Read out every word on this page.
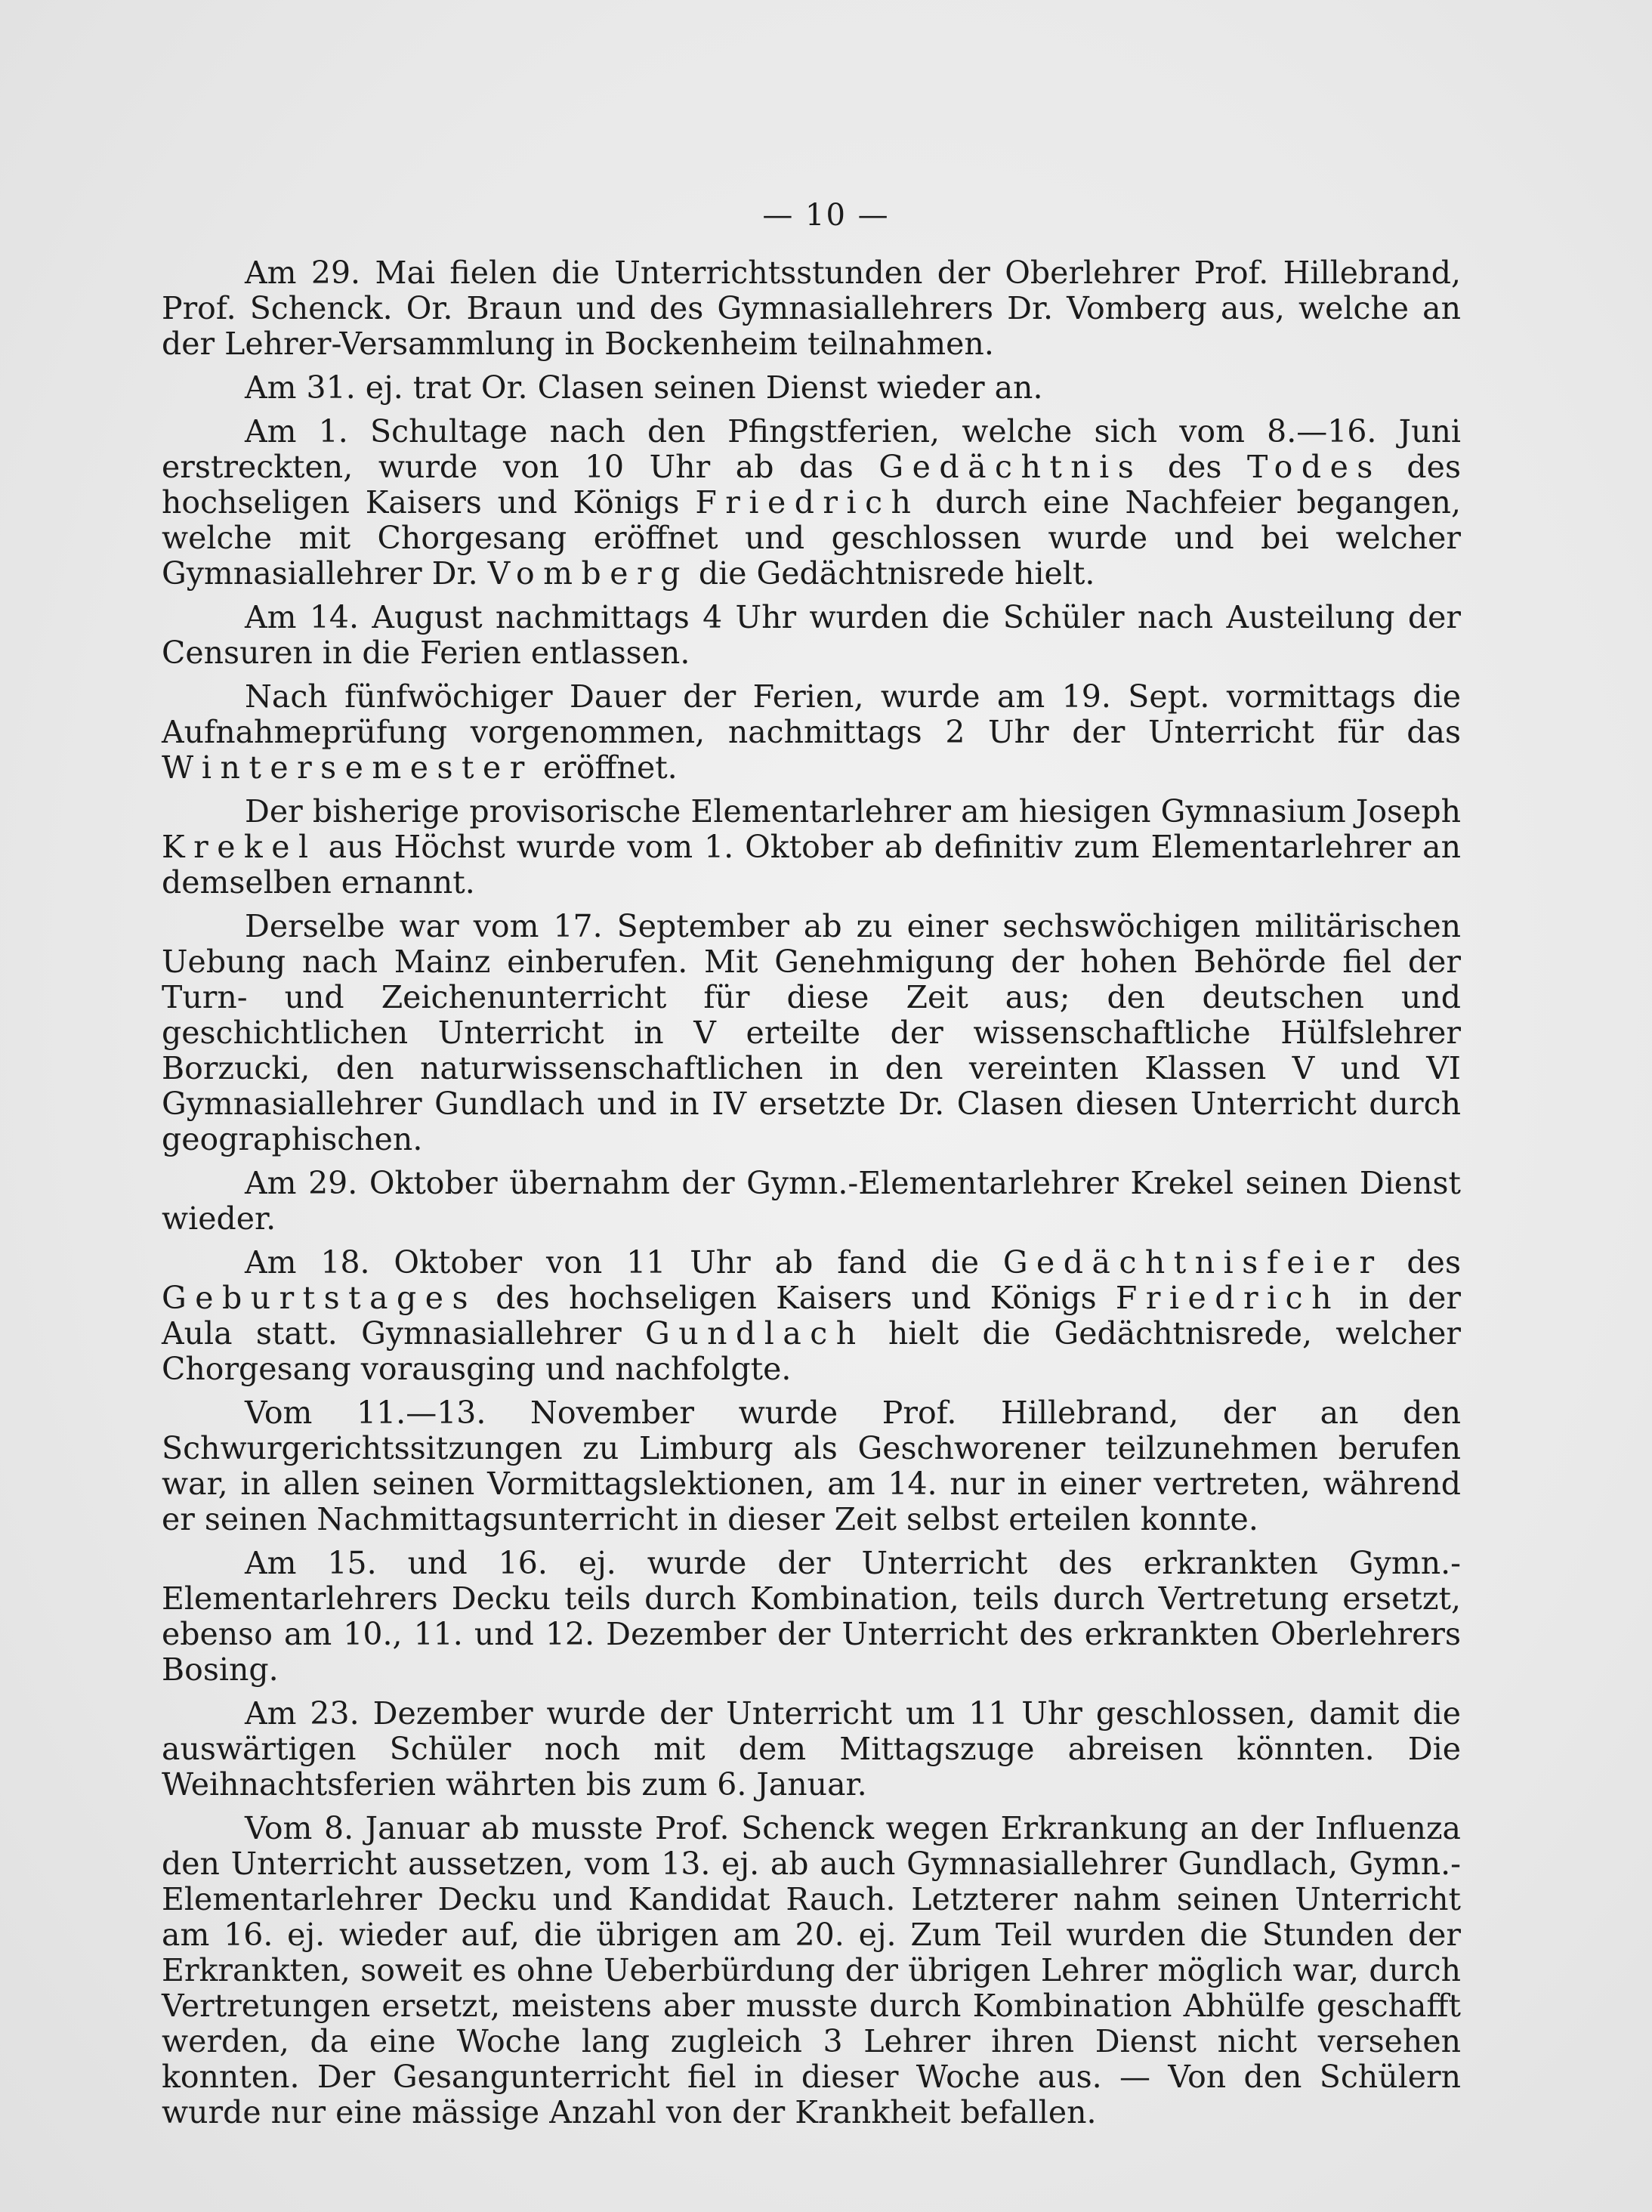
— 10 —

Am 29. Mai fielen die Unterrichtsstunden der Oberlehrer Prof. Hillebrand, Prof. Schenck. Or. Braun und des Gymnasiallehrers Dr. Vomberg aus, welche an der Lehrer-Versammlung in Bockenheim teilnahmen.

Am 31. ej. trat Or. Clasen seinen Dienst wieder an.

Am 1. Schultage nach den Pfingstferien, welche sich vom 8.—16. Juni erstreckten, wurde von 10 Uhr ab das Gedächtnis des Todes des hochseligen Kaisers und Königs Friedrich durch eine Nachfeier begangen, welche mit Chorgesang eröffnet und geschlossen wurde und bei welcher Gymnasiallehrer Dr. Vomberg die Gedächtnisrede hielt.

Am 14. August nachmittags 4 Uhr wurden die Schüler nach Austeilung der Censuren in die Ferien entlassen.

Nach fünfwöchiger Dauer der Ferien, wurde am 19. Sept. vormittags die Aufnahmeprüfung vorgenommen, nachmittags 2 Uhr der Unterricht für das Wintersemester eröffnet.

Der bisherige provisorische Elementarlehrer am hiesigen Gymnasium Joseph Krekel aus Höchst wurde vom 1. Oktober ab definitiv zum Elementarlehrer an demselben ernannt.

Derselbe war vom 17. September ab zu einer sechswöchigen militärischen Uebung nach Mainz einberufen. Mit Genehmigung der hohen Behörde fiel der Turn- und Zeichenunterricht für diese Zeit aus; den deutschen und geschichtlichen Unterricht in V erteilte der wissenschaftliche Hülfslehrer Borzucki, den naturwissenschaftlichen in den vereinten Klassen V und VI Gymnasiallehrer Gundlach und in IV ersetzte Dr. Clasen diesen Unterricht durch geographischen.

Am 29. Oktober übernahm der Gymn.-Elementarlehrer Krekel seinen Dienst wieder.

Am 18. Oktober von 11 Uhr ab fand die Gedächtnisfeier des Geburtstages des hochseligen Kaisers und Königs Friedrich in der Aula statt. Gymnasiallehrer Gundlach hielt die Gedächtnisrede, welcher Chorgesang vorausging und nachfolgte.

Vom 11.—13. November wurde Prof. Hillebrand, der an den Schwurgerichtssitzungen zu Limburg als Geschworener teilzunehmen berufen war, in allen seinen Vormittagslektionen, am 14. nur in einer vertreten, während er seinen Nachmittagsunterricht in dieser Zeit selbst erteilen konnte.

Am 15. und 16. ej. wurde der Unterricht des erkrankten Gymn.-Elementarlehrers Decku teils durch Kombination, teils durch Vertretung ersetzt, ebenso am 10., 11. und 12. Dezember der Unterricht des erkrankten Oberlehrers Bosing.

Am 23. Dezember wurde der Unterricht um 11 Uhr geschlossen, damit die auswärtigen Schüler noch mit dem Mittagszuge abreisen könnten. Die Weihnachtsferien währten bis zum 6. Januar.

Vom 8. Januar ab musste Prof. Schenck wegen Erkrankung an der Influenza den Unterricht aussetzen, vom 13. ej. ab auch Gymnasiallehrer Gundlach, Gymn.-Elementarlehrer Decku und Kandidat Rauch. Letzterer nahm seinen Unterricht am 16. ej. wieder auf, die übrigen am 20. ej. Zum Teil wurden die Stunden der Erkrankten, soweit es ohne Ueberbürdung der übrigen Lehrer möglich war, durch Vertretungen ersetzt, meistens aber musste durch Kombination Abhülfe geschafft werden, da eine Woche lang zugleich 3 Lehrer ihren Dienst nicht versehen konnten. Der Gesangunterricht fiel in dieser Woche aus. — Von den Schülern wurde nur eine mässige Anzahl von der Krankheit befallen.
